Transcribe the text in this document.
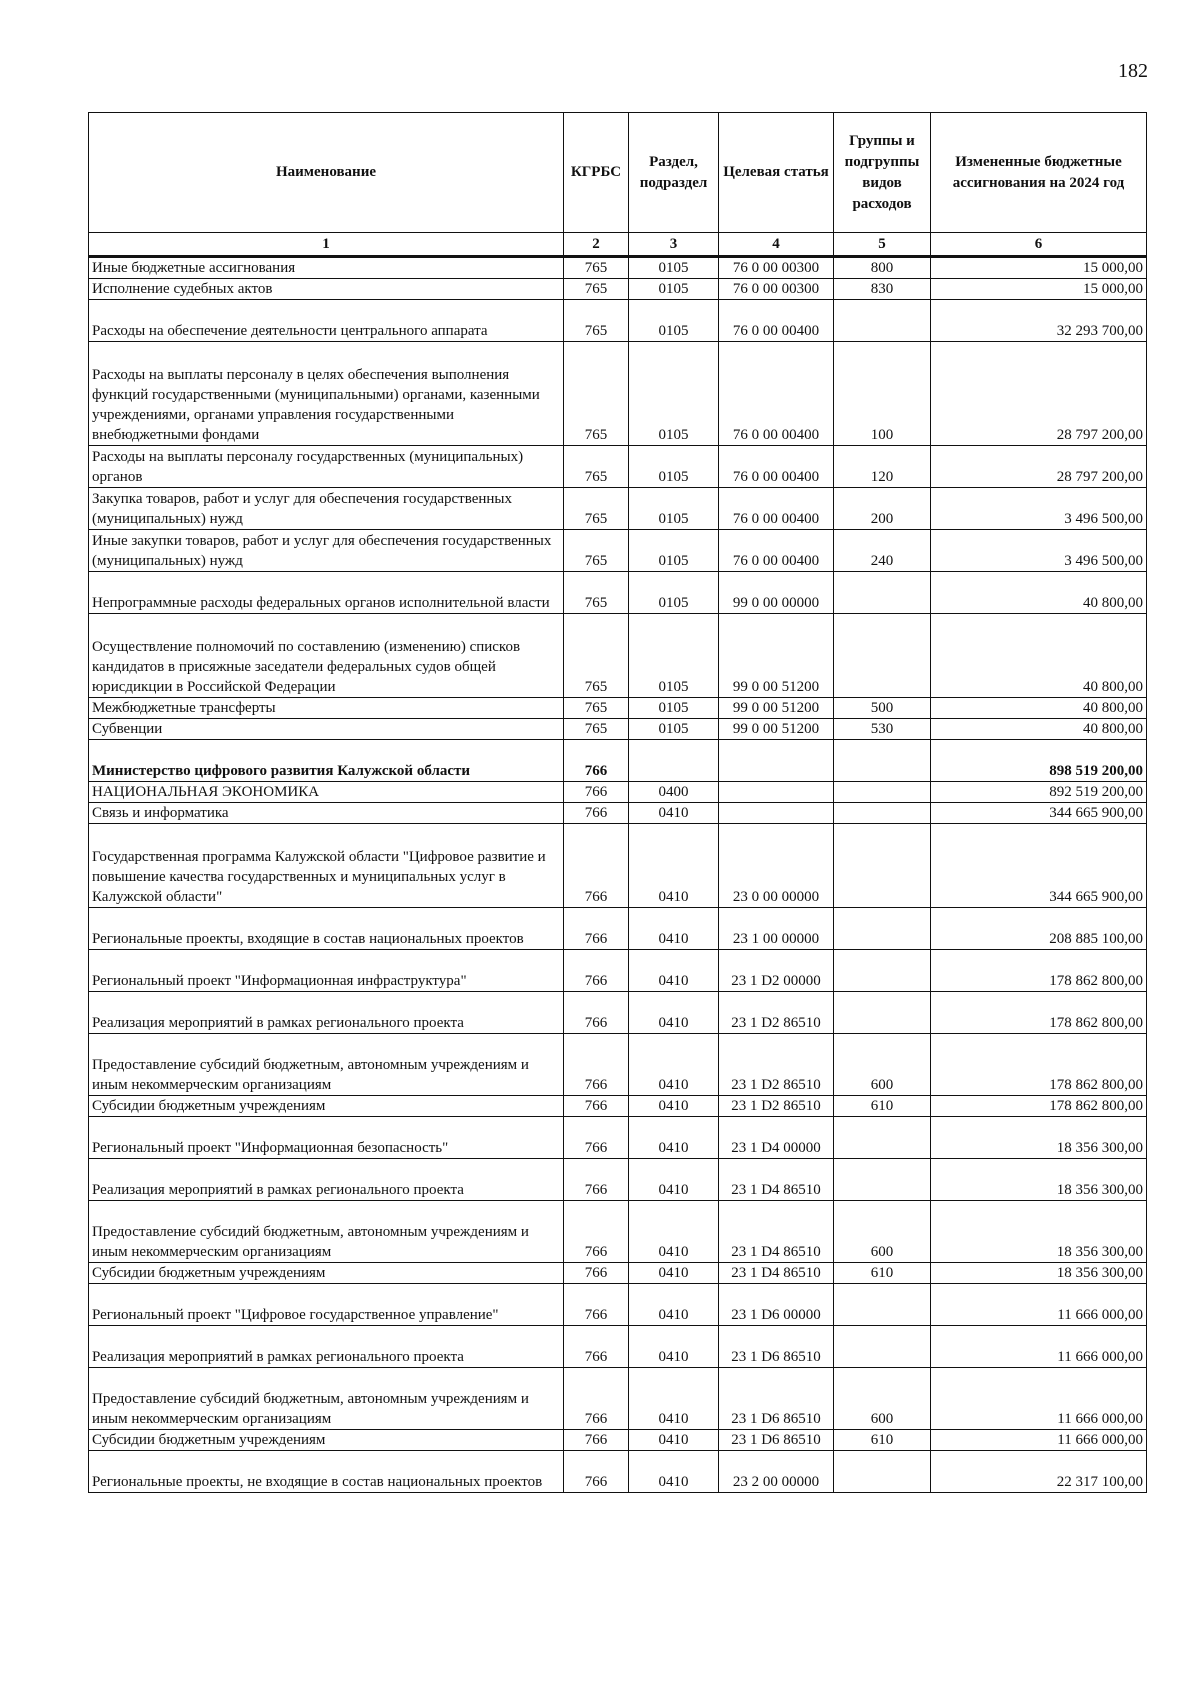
182
Наименование	КГРБС	Раздел, подраздел	Целевая статья	Группы и подгруппы видов расходов	Измененные бюджетные ассигнования на 2024 год
1	2	3	4	5	6
Иные бюджетные ассигнования	765	0105	76 0 00 00300	800	15 000,00
Исполнение судебных актов	765	0105	76 0 00 00300	830	15 000,00
Расходы на обеспечение деятельности центрального аппарата	765	0105	76 0 00 00400		32 293 700,00
Расходы на выплаты персоналу в целях обеспечения выполнения функций государственными (муниципальными) органами, казенными учреждениями, органами управления государственными внебюджетными фондами	765	0105	76 0 00 00400	100	28 797 200,00
Расходы на выплаты персоналу государственных (муниципальных) органов	765	0105	76 0 00 00400	120	28 797 200,00
Закупка товаров, работ и услуг для обеспечения государственных (муниципальных) нужд	765	0105	76 0 00 00400	200	3 496 500,00
Иные закупки товаров, работ и услуг для обеспечения государственных (муниципальных) нужд	765	0105	76 0 00 00400	240	3 496 500,00
Непрограммные расходы федеральных органов исполнительной власти	765	0105	99 0 00 00000		40 800,00
Осуществление полномочий по составлению (изменению) списков кандидатов в присяжные заседатели федеральных судов общей юрисдикции в Российской Федерации	765	0105	99 0 00 51200		40 800,00
Межбюджетные трансферты	765	0105	99 0 00 51200	500	40 800,00
Субвенции	765	0105	99 0 00 51200	530	40 800,00
Министерство цифрового развития Калужской области	766				898 519 200,00
НАЦИОНАЛЬНАЯ ЭКОНОМИКА	766	0400			892 519 200,00
Связь и информатика	766	0410			344 665 900,00
Государственная программа Калужской области "Цифровое развитие и повышение качества государственных и муниципальных услуг в Калужской области"	766	0410	23 0 00 00000		344 665 900,00
Региональные проекты, входящие в состав национальных проектов	766	0410	23 1 00 00000		208 885 100,00
Региональный проект "Информационная инфраструктура"	766	0410	23 1 D2 00000		178 862 800,00
Реализация мероприятий в рамках регионального проекта	766	0410	23 1 D2 86510		178 862 800,00
Предоставление субсидий бюджетным, автономным учреждениям и иным некоммерческим организациям	766	0410	23 1 D2 86510	600	178 862 800,00
Субсидии бюджетным учреждениям	766	0410	23 1 D2 86510	610	178 862 800,00
Региональный проект "Информационная безопасность"	766	0410	23 1 D4 00000		18 356 300,00
Реализация мероприятий в рамках регионального проекта	766	0410	23 1 D4 86510		18 356 300,00
Предоставление субсидий бюджетным, автономным учреждениям и иным некоммерческим организациям	766	0410	23 1 D4 86510	600	18 356 300,00
Субсидии бюджетным учреждениям	766	0410	23 1 D4 86510	610	18 356 300,00
Региональный проект "Цифровое государственное управление"	766	0410	23 1 D6 00000		11 666 000,00
Реализация мероприятий в рамках регионального проекта	766	0410	23 1 D6 86510		11 666 000,00
Предоставление субсидий бюджетным, автономным учреждениям и иным некоммерческим организациям	766	0410	23 1 D6 86510	600	11 666 000,00
Субсидии бюджетным учреждениям	766	0410	23 1 D6 86510	610	11 666 000,00
Региональные проекты, не входящие в состав национальных проектов	766	0410	23 2 00 00000		22 317 100,00
